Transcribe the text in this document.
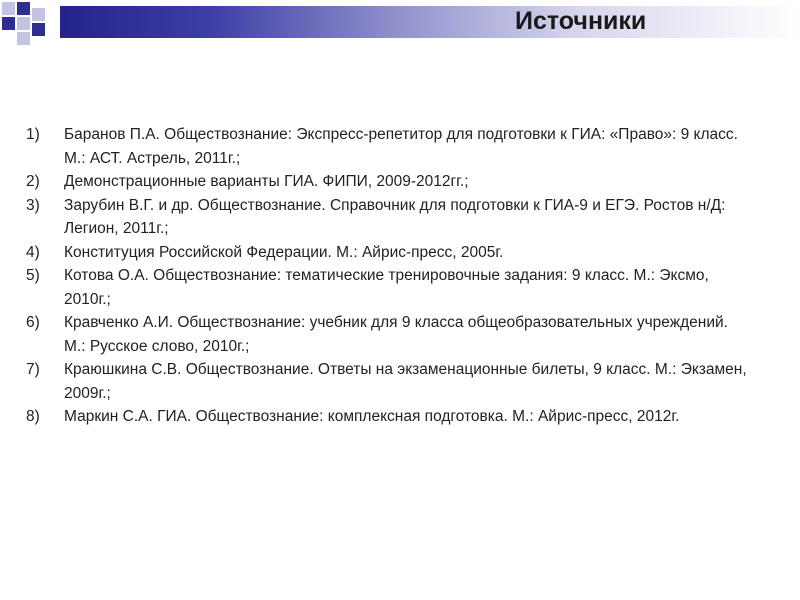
Источники
1) Баранов П.А. Обществознание: Экспресс-репетитор для подготовки к ГИА: «Право»: 9 класс. М.: АСТ. Астрель, 2011г.;
2) Демонстрационные варианты ГИА. ФИПИ, 2009-2012гг.;
3) Зарубин В.Г. и др. Обществознание. Справочник для подготовки к ГИА-9 и ЕГЭ. Ростов н/Д: Легион, 2011г.;
4) Конституция Российской Федерации. М.: Айрис-пресс, 2005г.
5) Котова О.А. Обществознание: тематические тренировочные задания: 9 класс. М.: Эксмо, 2010г.;
6) Кравченко А.И. Обществознание: учебник для 9 класса общеобразовательных учреждений. М.: Русское слово, 2010г.;
7) Краюшкина С.В. Обществознание. Ответы на экзаменационные билеты, 9 класс. М.: Экзамен, 2009г.;
8) Маркин С.А. ГИА. Обществознание: комплексная подготовка. М.: Айрис-пресс, 2012г.
